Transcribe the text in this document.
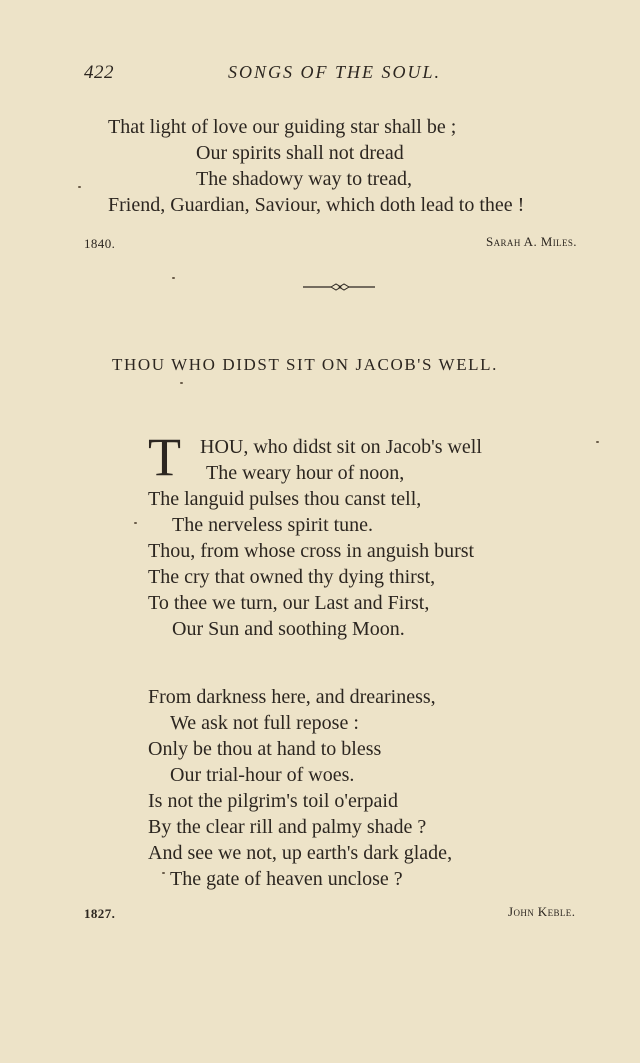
422	SONGS OF THE SOUL.
That light of love our guiding star shall be ;
Our spirits shall not dread
The shadowy way to tread,
Friend, Guardian, Saviour, which doth lead to thee !
1840.	Sarah A. Miles.
THOU WHO DIDST SIT ON JACOB'S WELL.
T HOU, who didst sit on Jacob's well
The weary hour of noon,
The languid pulses thou canst tell,
The nerveless spirit tune.
Thou, from whose cross in anguish burst
The cry that owned thy dying thirst,
To thee we turn, our Last and First,
Our Sun and soothing Moon.
From darkness here, and dreariness,
We ask not full repose :
Only be thou at hand to bless
Our trial-hour of woes.
Is not the pilgrim's toil o'erpaid
By the clear rill and palmy shade ?
And see we not, up earth's dark glade,
The gate of heaven unclose ?
1827.	John Keble.
